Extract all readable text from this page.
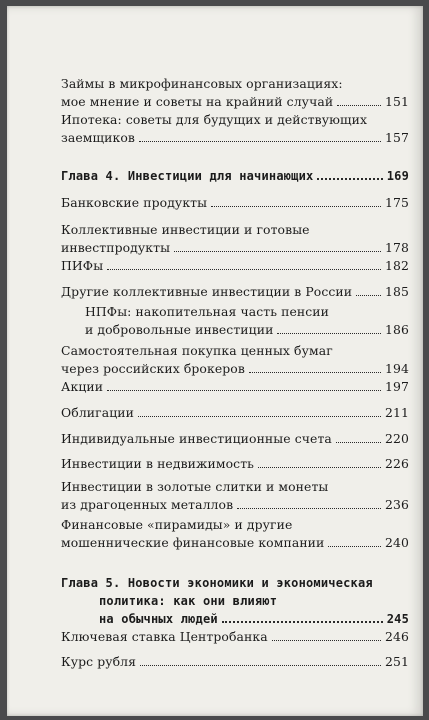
Займы в микрофинансовых организациях:
мое мнение и советы на крайний случай	151
Ипотека: советы для будущих и действующих
заемщиков	157
Глава 4. Инвестиции для начинающих	169
Банковские продукты	175
Коллективные инвестиции и готовые
инвестпродукты	178
ПИФы	182
Другие коллективные инвестиции в России	185
НПФы: накопительная часть пенсии
и добровольные инвестиции	186
Самостоятельная покупка ценных бумаг
через российских брокеров	194
Акции	197
Облигации	211
Индивидуальные инвестиционные счета	220
Инвестиции в недвижимость	226
Инвестиции в золотые слитки и монеты
из драгоценных металлов	236
Финансовые «пирамиды» и другие
мошеннические финансовые компании	240
Глава 5. Новости экономики и экономическая
политика: как они влияют
на обычных людей	245
Ключевая ставка Центробанка	246
Курс рубля	251
